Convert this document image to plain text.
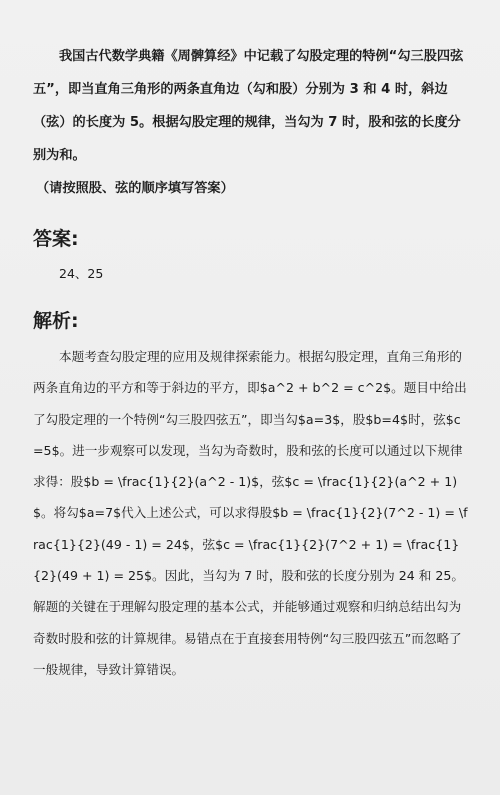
我国古代数学典籍《周髀算经》中记载了勾股定理的特例“勾三股四弦五”，即当直角三角形的两条直角边（勾和股）分别为 3 和 4 时，斜边（弦）的长度为 5。根据勾股定理的规律，当勾为 7 时，股和弦的长度分别为和。

（请按照股、弦的顺序填写答案）

答案:

24、25

解析:

本题考查勾股定理的应用及规律探索能力。根据勾股定理，直角三角形的两条直角边的平方和等于斜边的平方，即$a^2 + b^2 = c^2$。题目中给出了勾股定理的一个特例“勾三股四弦五”，即当勾$a=3$，股$b=4$时，弦$c=5$。进一步观察可以发现，当勾为奇数时，股和弦的长度可以通过以下规律求得：股$b = \frac{1}{2}(a^2 - 1)$，弦$c = \frac{1}{2}(a^2 + 1)$。将勾$a=7$代入上述公式，可以求得股$b = \frac{1}{2}(7^2 - 1) = \frac{1}{2}(49 - 1) = 24$，弦$c = \frac{1}{2}(7^2 + 1) = \frac{1}{2}(49 + 1) = 25$。因此，当勾为 7 时，股和弦的长度分别为 24 和 25。解题的关键在于理解勾股定理的基本公式，并能够通过观察和归纳总结出勾为奇数时股和弦的计算规律。易错点在于直接套用特例“勾三股四弦五”而忽略了一般规律，导致计算错误。
